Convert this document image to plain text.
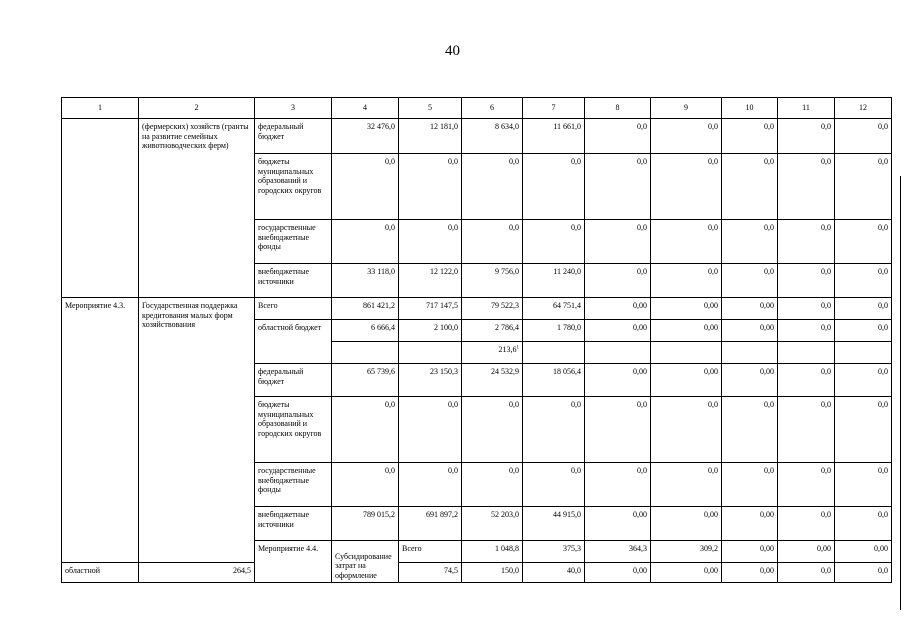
40
1	2	3	4	5	6	7	8	9	10	11	12	
	(фермерских) хозяйств (гранты на развитие семейных животноводческих ферм)	федеральный бюджет	32 476,0	12 181,0	8 634,0	11 661,0	0,0	0,0	0,0	0,0	0,0	
		бюджеты муниципальных образований и городских округов	0,0	0,0	0,0	0,0	0,0	0,0	0,0	0,0	0,0	
		государственные внебюджетные фонды	0,0	0,0	0,0	0,0	0,0	0,0	0,0	0,0	0,0	
		внебюджетные источники	33 118,0	12 122,0	9 756,0	11 240,0	0,0	0,0	0,0	0,0	0,0	
Мероприятие 4.3.	Государственная поддержка кредитования малых форм хозяйствования	Всего	861 421,2	717 147,5	79 522,3	64 751,4	0,00	0,00	0,00	0,0	0,0	
		областной бюджет	6 666,4	2 100,0	2 786,4	1 780,0	0,00	0,00	0,00	0,0	0,0	
					213,6$^1$						
		федеральный бюджет	65 739,6	23 150,3	24 532,9	18 056,4	0,00	0,00	0,00	0,0	0,0	
		бюджеты муниципальных образований и городских округов	0,0	0,0	0,0	0,0	0,0	0,0	0,0	0,0	0,0	
		государственные внебюджетные фонды	0,0	0,0	0,0	0,0	0,0	0,0	0,0	0,0	0,0	
		внебюджетные источники	789 015,2	691 897,2	52 203,0	44 915,0	0,00	0,00	0,00	0,0	0,0	
		Мероприятие 4.4.	Субсидирование затрат на оформление	Всего	1 048,8	375,3	364,3	309,2	0,00	0,00	0,00		
областной	264,5			74,5	150,0	40,0	0,00	0,00	0,00	0,0	0,0	
